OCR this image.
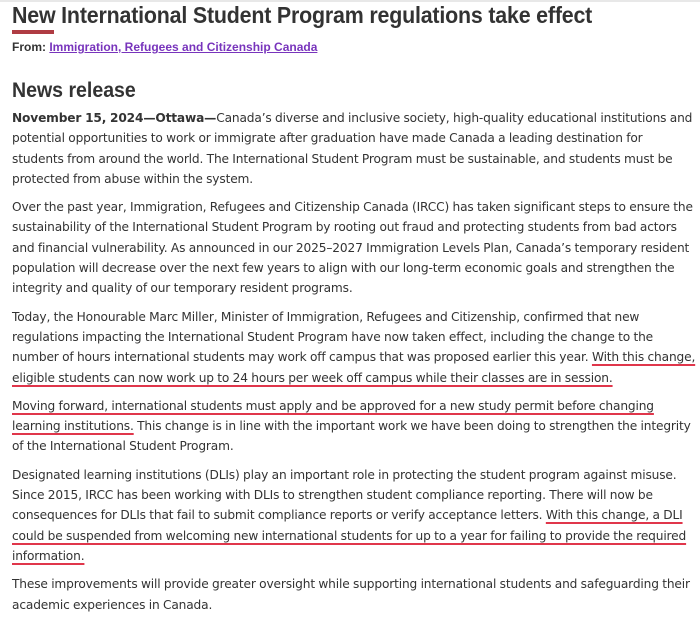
New International Student Program regulations take effect
From: Immigration, Refugees and Citizenship Canada
News release

November 15, 2024—Ottawa—Canada’s diverse and inclusive society, high-quality educational institutions and potential opportunities to work or immigrate after graduation have made Canada a leading destination for students from around the world. The International Student Program must be sustainable, and students must be protected from abuse within the system.

Over the past year, Immigration, Refugees and Citizenship Canada (IRCC) has taken significant steps to ensure the sustainability of the International Student Program by rooting out fraud and protecting students from bad actors and financial vulnerability. As announced in our 2025–2027 Immigration Levels Plan, Canada’s temporary resident population will decrease over the next few years to align with our long-term economic goals and strengthen the integrity and quality of our temporary resident programs.

Today, the Honourable Marc Miller, Minister of Immigration, Refugees and Citizenship, confirmed that new regulations impacting the International Student Program have now taken effect, including the change to the number of hours international students may work off campus that was proposed earlier this year. With this change, eligible students can now work up to 24 hours per week off campus while their classes are in session.

Moving forward, international students must apply and be approved for a new study permit before changing learning institutions. This change is in line with the important work we have been doing to strengthen the integrity of the International Student Program.

Designated learning institutions (DLIs) play an important role in protecting the student program against misuse. Since 2015, IRCC has been working with DLIs to strengthen student compliance reporting. There will now be consequences for DLIs that fail to submit compliance reports or verify acceptance letters. With this change, a DLI could be suspended from welcoming new international students for up to a year for failing to provide the required information.

These improvements will provide greater oversight while supporting international students and safeguarding their academic experiences in Canada.
